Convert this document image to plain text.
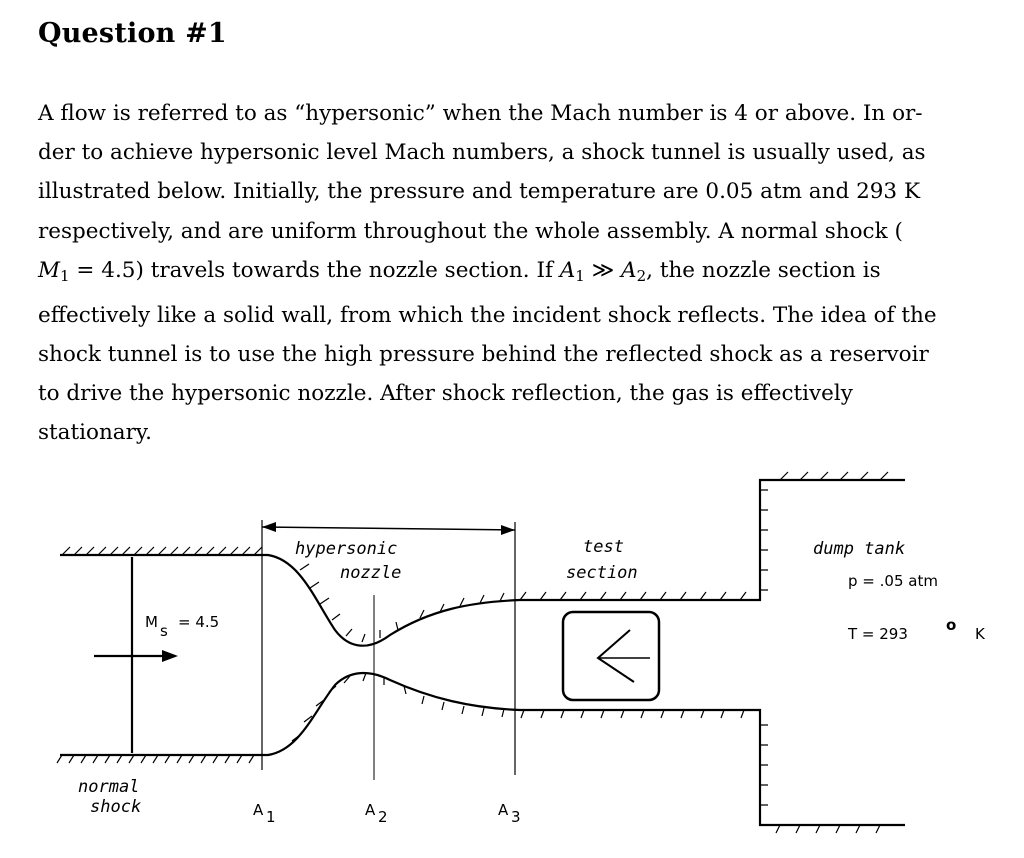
Question #1
A flow is referred to as “hypersonic” when the Mach number is 4 or above. In or-
der to achieve hypersonic level Mach numbers, a shock tunnel is usually used, as
illustrated below. Initially, the pressure and temperature are 0.05 atm and 293 K
respectively, and are uniform throughout the whole assembly. A normal shock (
$M_1 = 4.5$) travels towards the nozzle section. If $A_1$ ≫ $A_2$, the nozzle section is
effectively like a solid wall, from which the incident shock reflects. The idea of the
shock tunnel is to use the high pressure behind the reflected shock as a reservoir
to drive the hypersonic nozzle. After shock reflection, the gas is effectively
stationary.
hypersonic
nozzle
test
section
dump tank
p = .05 atm
T = 293	o K
M s = 4.5
normal
shock	A 1	A 2	A 3
